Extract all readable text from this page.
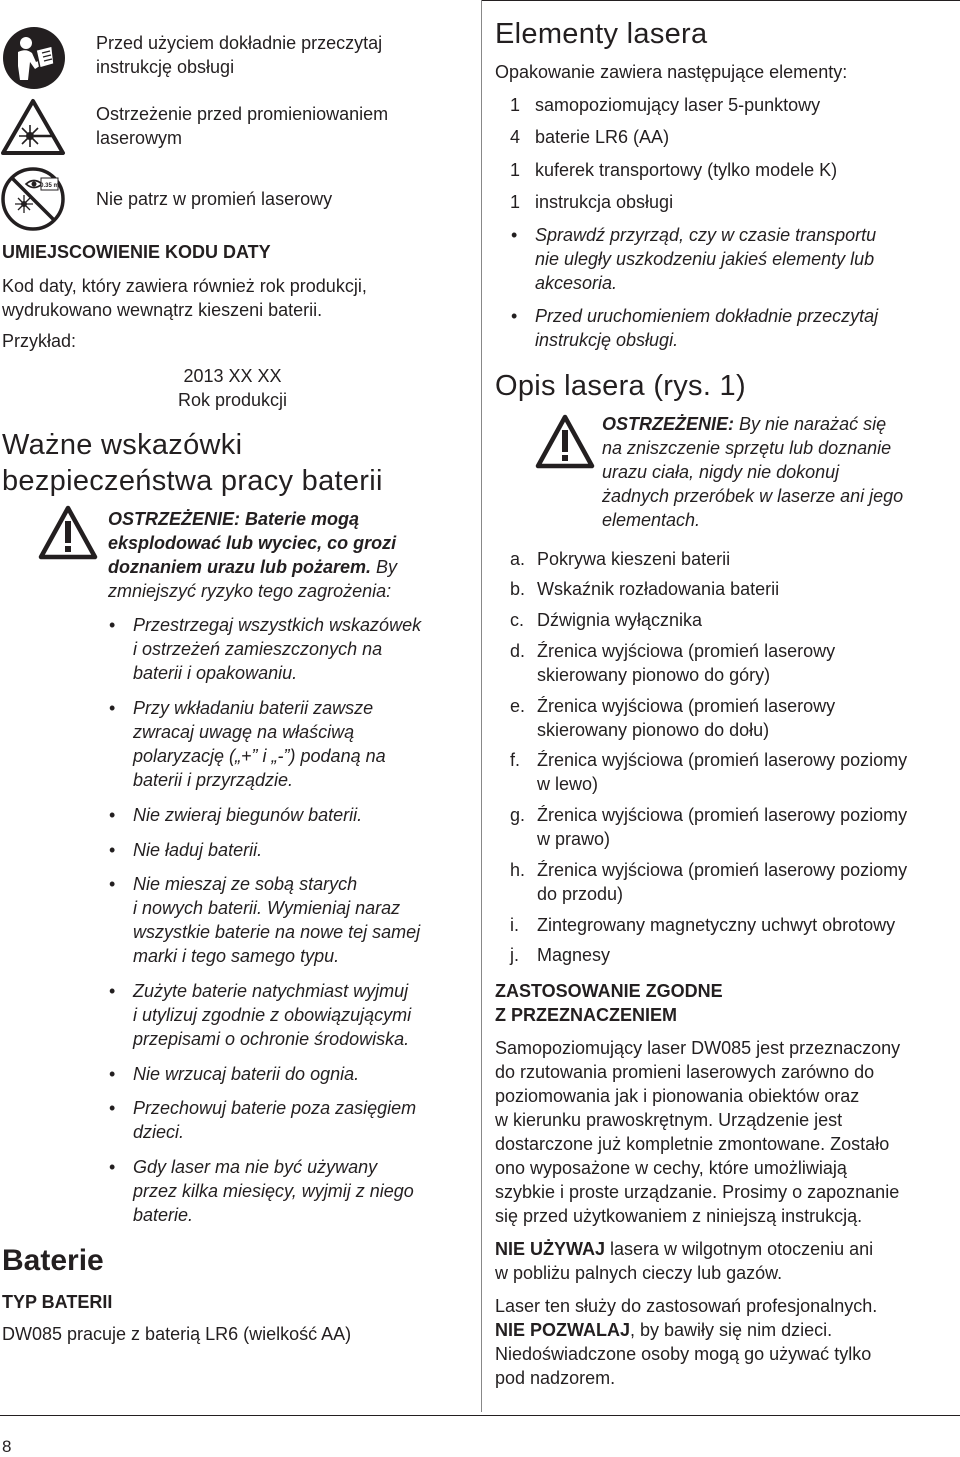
8
Przed użyciem dokładnie przeczytaj
instrukcję obsługi
Ostrzeżenie przed promieniowaniem
laserowym
0.35 m
Nie patrz w promień laserowy
UMIEJSCOWIENIE KODU DATY
Kod daty, który zawiera również rok produkcji,
wydrukowano wewnątrz kieszeni baterii.
Przykład:
2013 XX XX
Rok produkcji
Ważne wskazówki
bezpieczeństwa pracy baterii
OSTRZEŻENIE: Baterie mogą
eksplodować lub wyciec, co grozi
doznaniem urazu lub pożarem. By
zmniejszyć ryzyko tego zagrożenia:
• Przestrzegaj wszystkich wskazówek
i ostrzeżeń zamieszczonych na
baterii i opakowaniu.
• Przy wkładaniu baterii zawsze
zwracaj uwagę na właściwą
polaryzację („+” i „-”) podaną na
baterii i przyrządzie.
• Nie zwieraj biegunów baterii.
• Nie ładuj baterii.
• Nie mieszaj ze sobą starych
i nowych baterii. Wymieniaj naraz
wszystkie baterie na nowe tej samej
marki i tego samego typu.
• Zużyte baterie natychmiast wyjmuj
i utylizuj zgodnie z obowiązującymi
przepisami o ochronie środowiska.
• Nie wrzucaj baterii do ognia.
• Przechowuj baterie poza zasięgiem
dzieci.
• Gdy laser ma nie być używany
przez kilka miesięcy, wyjmij z niego
baterie.
Baterie
TYP BATERII
DW085 pracuje z baterią LR6 (wielkość AA)
Elementy lasera
Opakowanie zawiera następujące elementy:
1 samopoziomujący laser 5-punktowy
4 baterie LR6 (AA)
1 kuferek transportowy (tylko modele K)
1 instrukcja obsługi
• Sprawdź przyrząd, czy w czasie transportu
nie uległy uszkodzeniu jakieś elementy lub
akcesoria.
• Przed uruchomieniem dokładnie przeczytaj
instrukcję obsługi.
Opis lasera (rys. 1)
OSTRZEŻENIE: By nie narażać się
na zniszczenie sprzętu lub doznanie
urazu ciała, nigdy nie dokonuj
żadnych przeróbek w laserze ani jego
elementach.
a. Pokrywa kieszeni baterii
b. Wskaźnik rozładowania baterii
c. Dźwignia wyłącznika
d. Źrenica wyjściowa (promień laserowy
skierowany pionowo do góry)
e. Źrenica wyjściowa (promień laserowy
skierowany pionowo do dołu)
f. Źrenica wyjściowa (promień laserowy poziomy
w lewo)
g. Źrenica wyjściowa (promień laserowy poziomy
w prawo)
h. Źrenica wyjściowa (promień laserowy poziomy
do przodu)
i. Zintegrowany magnetyczny uchwyt obrotowy
j. Magnesy
ZASTOSOWANIE ZGODNE
Z PRZEZNACZENIEM
Samopoziomujący laser DW085 jest przeznaczony
do rzutowania promieni laserowych zarówno do
poziomowania jak i pionowania obiektów oraz
w kierunku prawoskrętnym. Urządzenie jest
dostarczone już kompletnie zmontowane. Zostało
ono wyposażone w cechy, które umożliwiają
szybkie i proste urządzanie. Prosimy o zapoznanie
się przed użytkowaniem z niniejszą instrukcją.
NIE UŻYWAJ lasera w wilgotnym otoczeniu ani
w pobliżu palnych cieczy lub gazów.
Laser ten służy do zastosowań profesjonalnych.
NIE POZWALAJ, by bawiły się nim dzieci.
Niedoświadczone osoby mogą go używać tylko
pod nadzorem.
